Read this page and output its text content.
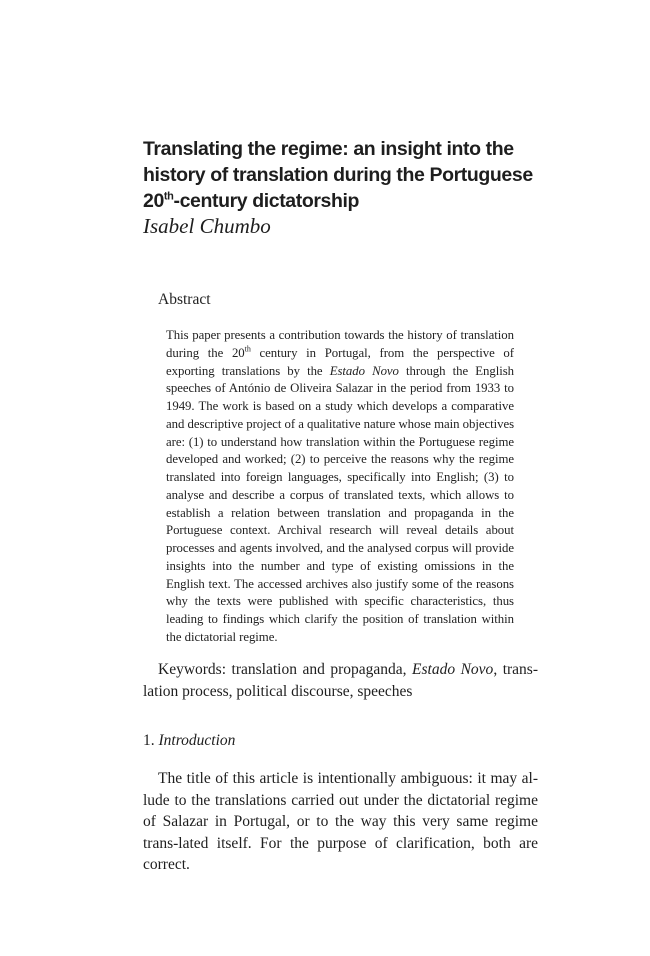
Translating the regime: an insight into the
history of translation during the Portuguese
20th-century dictatorship
Isabel Chumbo
Abstract

This paper presents a contribution towards the history of translation during the 20th century in Portugal, from the perspective of exporting translations by the Estado Novo through the English speeches of António de Oliveira Salazar in the period from 1933 to 1949. The work is based on a study which develops a comparative and descriptive project of a qualitative nature whose main objectives are: (1) to understand how translation within the Portuguese regime developed and worked; (2) to perceive the reasons why the regime translated into foreign languages, specifically into English; (3) to analyse and describe a corpus of translated texts, which allows to establish a relation between translation and propaganda in the Portuguese context. Archival research will reveal details about processes and agents involved, and the analysed corpus will provide insights into the number and type of existing omissions in the English text. The accessed archives also justify some of the reasons why the texts were published with specific characteristics, thus leading to findings which clarify the position of translation within the dictatorial regime.

Keywords: translation and propaganda, Estado Novo, trans-lation process, political discourse, speeches

1. Introduction

The title of this article is intentionally ambiguous: it may al-lude to the translations carried out under the dictatorial regime of Salazar in Portugal, or to the way this very same regime trans-lated itself. For the purpose of clarification, both are correct.
